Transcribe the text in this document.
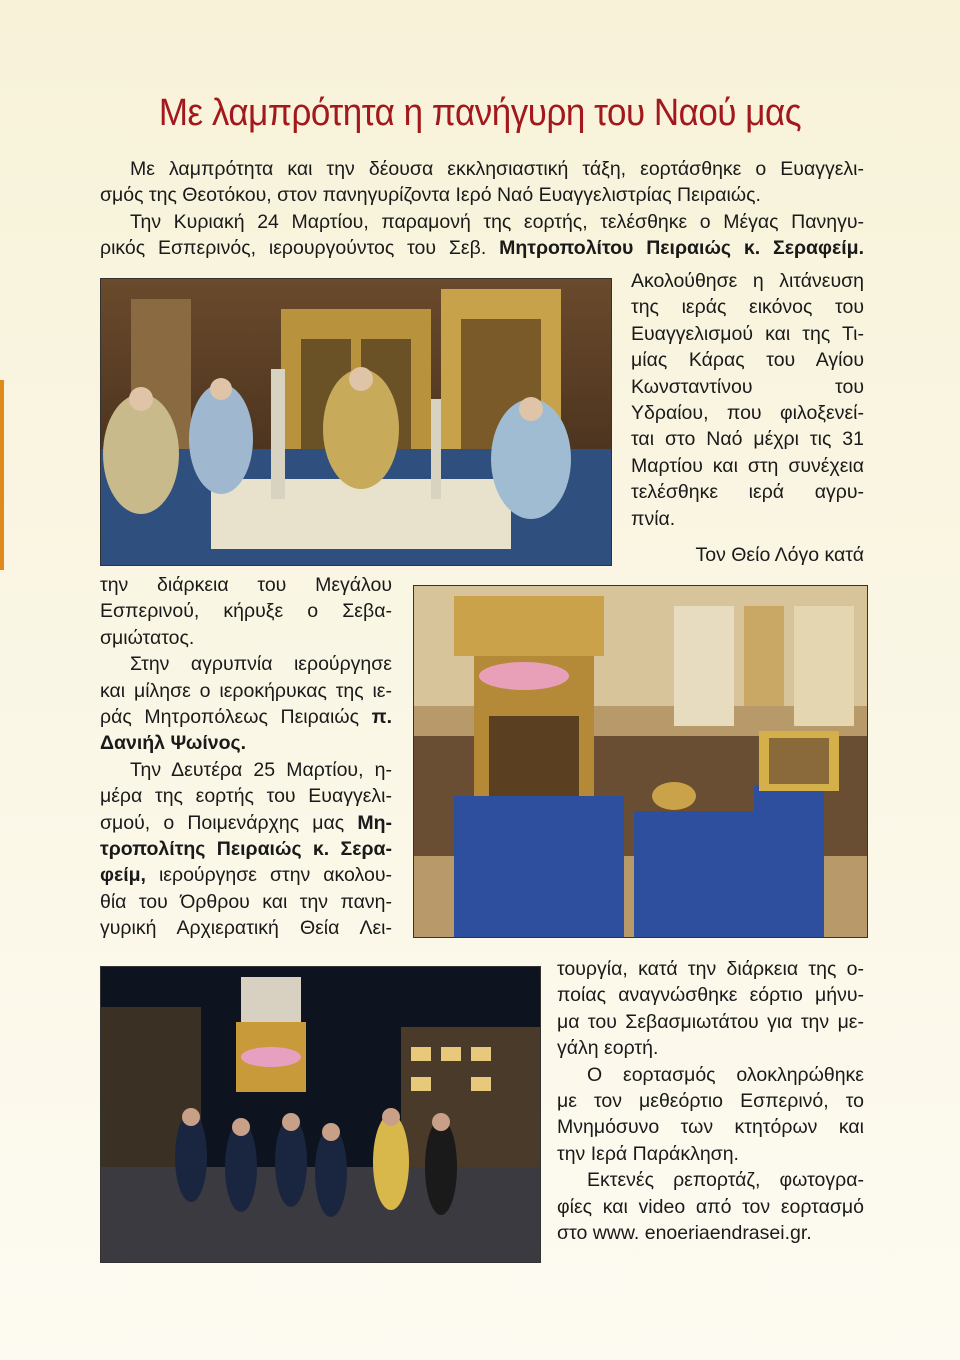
Με λαμπρότητα η πανήγυρη του Ναού μας
Με λαμπρότητα και την δέουσα εκκλησιαστική τάξη, εορτάσθηκε ο Ευαγγελι-
σμός της Θεοτόκου, στον πανηγυρίζοντα Ιερό Ναό Ευαγγελιστρίας Πειραιώς.
Την Κυριακή 24 Μαρτίου, παραμονή της εορτής, τελέσθηκε ο Μέγας Πανηγυ-
ρικός Εσπερινός, ιερουργούντος του Σεβ. Μητροπολίτου Πειραιώς κ. Σεραφείμ.
Ακολούθησε η λιτάνευση
της ιεράς εικόνος του
Ευαγγελισμού και της Τι-
μίας Κάρας του Αγίου
Κωνσταντίνου του
Υδραίου, που φιλοξενεί-
ται στο Ναό μέχρι τις 31
Μαρτίου και στη συνέχεια
τελέσθηκε ιερά αγρυ-
πνία.
Τον Θείο Λόγο κατά
την διάρκεια του Μεγάλου
Εσπερινού, κήρυξε ο Σεβα-
σμιώτατος.
Στην αγρυπνία ιερούργησε
και μίλησε ο ιεροκήρυκας της ιε-
ράς Μητροπόλεως Πειραιώς π.
Δανιήλ Ψωίνος.
Την Δευτέρα 25 Μαρτίου, η-
μέρα της εορτής του Ευαγγελι-
σμού, ο Ποιμενάρχης μας Μη-
τροπολίτης Πειραιώς κ. Σερα-
φείμ, ιερούργησε στην ακολου-
θία του Όρθρου και την πανη-
γυρική Αρχιερατική Θεία Λει-
τουργία, κατά την διάρκεια της ο-
ποίας αναγνώσθηκε εόρτιο μήνυ-
μα του Σεβασμιωτάτου για την με-
γάλη εορτή.
Ο εορτασμός ολοκληρώθηκε
με τον μεθεόρτιο Εσπερινό, το
Μνημόσυνο των κτητόρων και
την Ιερά Παράκληση.
Εκτενές ρεπορτάζ, φωτογρα-
φίες και video από τον εορτασμό
στο www. enoeriaendrasei.gr.
